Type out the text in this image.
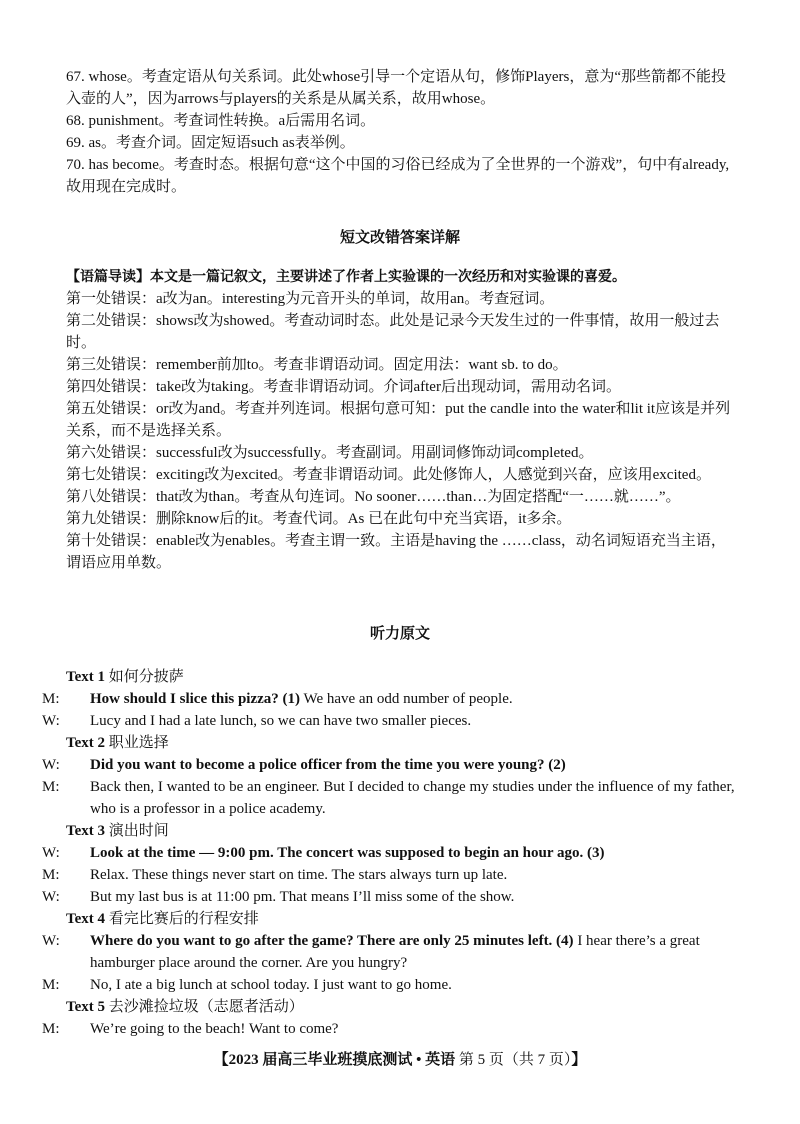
67. whose。考查定语从句关系词。此处whose引导一个定语从句，修饰Players，意为“那些箭都不能投入壶的人”，因为arrows与players的关系是从属关系，故用whose。

68. punishment。考查词性转换。a后需用名词。

69. as。考查介词。固定短语such as表举例。

70. has become。考查时态。根据句意“这个中国的习俗已经成为了全世界的一个游戏”，句中有already, 故用现在完成时。

短文改错答案详解

【语篇导读】本文是一篇记叙文，主要讲述了作者上实验课的一次经历和对实验课的喜爱。

第一处错误：a改为an。interesting为元音开头的单词，故用an。考查冠词。

第二处错误：shows改为showed。考查动词时态。此处是记录今天发生过的一件事情，故用一般过去时。

第三处错误：remember前加to。考查非谓语动词。固定用法：want sb. to do。

第四处错误：take改为taking。考查非谓语动词。介词after后出现动词，需用动名词。

第五处错误：or改为and。考查并列连词。根据句意可知：put the candle into the water和lit it应该是并列关系，而不是选择关系。

第六处错误：successful改为successfully。考查副词。用副词修饰动词completed。

第七处错误：exciting改为excited。考查非谓语动词。此处修饰人，人感觉到兴奋，应该用excited。

第八处错误：that改为than。考查从句连词。No sooner……than…为固定搭配“一……就……”。

第九处错误：删除know后的it。考查代词。As 已在此句中充当宾语，it多余。

第十处错误：enable改为enables。考查主谓一致。主语是having the ……class，动名词短语充当主语，谓语应用单数。

听力原文

Text 1 如何分披萨

M: How should I slice this pizza? (1) We have an odd number of people.

W: Lucy and I had a late lunch, so we can have two smaller pieces.

Text 2 职业选择

W: Did you want to become a police officer from the time you were young? (2)

M: Back then, I wanted to be an engineer. But I decided to change my studies under the influence of my father, who is a professor in a police academy.

Text 3 演出时间

W: Look at the time — 9:00 pm. The concert was supposed to begin an hour ago. (3)

M: Relax. These things never start on time. The stars always turn up late.

W: But my last bus is at 11:00 pm. That means I’ll miss some of the show.

Text 4 看完比赛后的行程安排

W: Where do you want to go after the game? There are only 25 minutes left. (4) I hear there’s a great hamburger place around the corner. Are you hungry?

M: No, I ate a big lunch at school today. I just want to go home.

Text 5 去沙滩捡垃圾（志愿者活动）

M: We’re going to the beach! Want to come?

【2023 届高三毕业班摸底测试 • 英语 第 5 页（共 7 页）】
